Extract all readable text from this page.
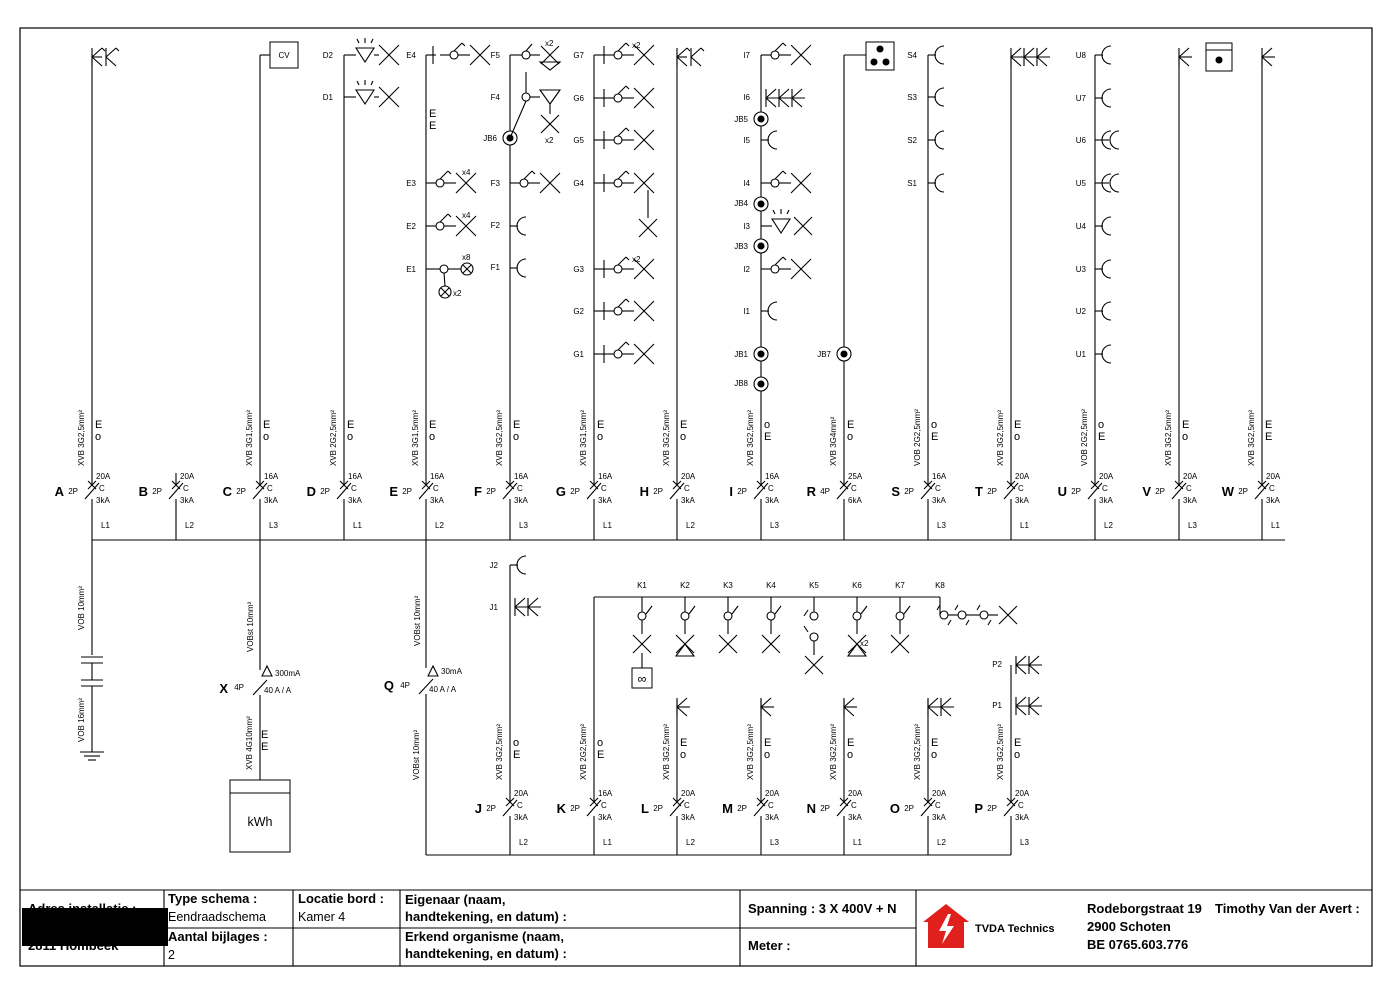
2P
A
20A
C
3kA
L1
XVB 3G2,5mm² E
o
2P
B
20A
C
3kA
L2
2P
C
16A
C
3kA
L3
XVB 3G1,5mm² E
o
2P
D
16A
C
3kA
L1
XVB 2G2,5mm² E
o
2P
E
16A
C
3kA
L2
XVB 3G1,5mm² E
o
2P
F
16A
C
3kA
L3
XVB 3G2,5mm² E
o
2P
G
16A
C
3kA
L1
XVB 3G1,5mm² E
o
2P
H
20A
C
3kA
L2
XVB 3G2,5mm² E
o
2P
I
16A
C
3kA
L3
XVB 3G2,5mm² o
E
4P
R
25A
C
6kA
XVB 3G4mm² E
o
2P
S
16A
C
3kA
L3
VOB 2G2,5mm² o
E
2P
T
20A
C
3kA
L1
XVB 3G2,5mm² E
o
2P
U
20A
C
3kA
L2
VOB 2G2,5mm² o
E
2P
V
20A
C
3kA
L3
XVB 3G2,5mm² E
o
2P
W
20A
C
3kA
L1
XVB 3G2,5mm² E
E
CV	D2
D1
E4
E
E
x4
E3
x4
E2
E1
x8
x2
F5
x2
F4
x2
JB6
F3
F2
F1
G7
G6
G5
G4
G3
G2
G1
x2
x2
I7
I6
JB5
I5
I4
JB4
I3
JB3
I2
I1
JB1
JB8
JB7
S4
S3
S2
S1
U8
U7
U6
U5
U4
U3
U2
U1
2P
J
20A
C
3kA
L2
XVB 3G2,5mm² o
E
2P
K
16A
C
3kA
L1
XVB 2G2,5mm² o
E
2P
L
20A
C
3kA
L2
XVB 3G2,5mm² E
o
2P
M
20A
C
3kA
L3
XVB 3G2,5mm² E
o
2P
N
20A
C
3kA
L1
XVB 3G2,5mm² E
o
2P
O
20A
C
3kA
L2
XVB 3G2,5mm² E
o
2P
P
20A
C
3kA
L3
XVB 3G2,5mm² E
o
J2
J1
K1	K2	K3	K4	K5	K6	K7	K8
∞
x2
P2
P1
VOB 10mm²
VOB 16mm²
VOBst 10mm²
4P
X
300mA
40 A / A
XVB 4G10mm² E
E
kWh
VOBst 10mm²
4P
Q
30mA
40 A / A
VOBst 10mm²
2811 Hombeek
Type schema :
Eendraadschema
Aantal bijlages :
2
Locatie bord :
Kamer 4
Eigenaar (naam,
handtekening, en datum) :
Erkend organisme (naam,
handtekening, en datum) :
Spanning : 3 X 400V + N
Meter :
TVDA Technics
Rodeborgstraat 19
2900 Schoten
BE 0765.603.776
Timothy Van der Avert :
